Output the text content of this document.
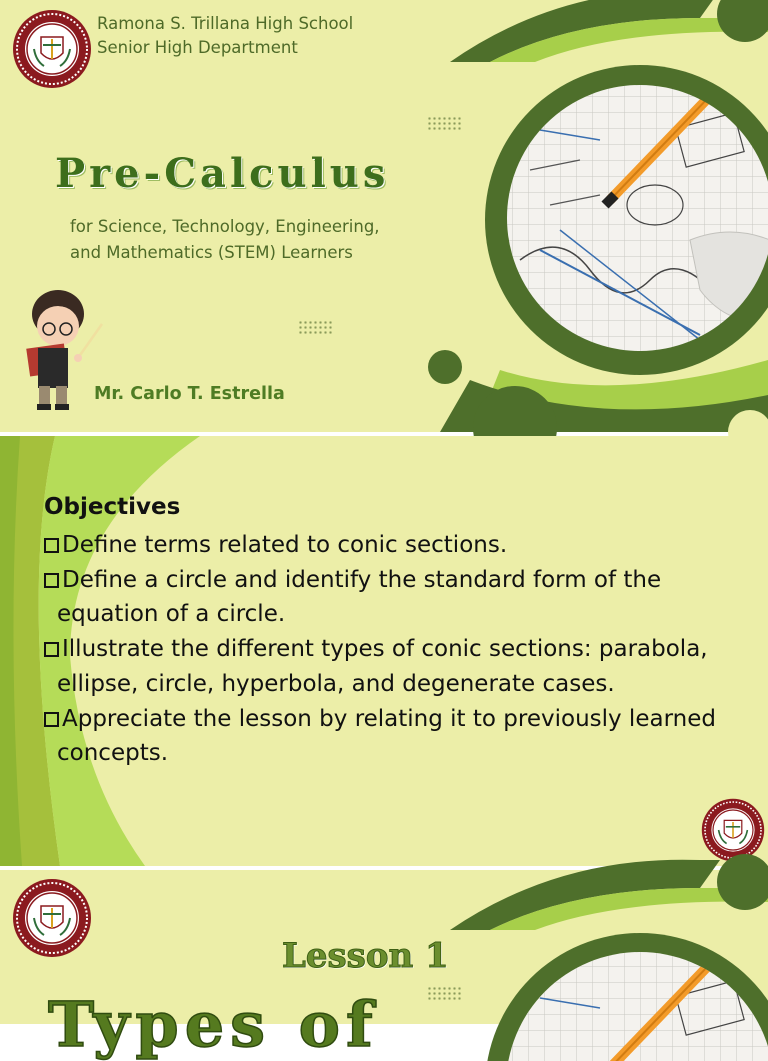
Ramona S. Trillana High School
Senior High Department
Pre-Calculus
for Science, Technology, Engineering,
and Mathematics (STEM) Learners
Mr. Carlo T. Estrella
Objectives
Define terms related to conic sections.
Define a circle and identify the standard form of the equation of a circle.
Illustrate the different types of conic sections: parabola, ellipse, circle, hyperbola, and degenerate cases.
Appreciate the lesson by relating it to previously learned concepts.
Lesson 1
Types of
